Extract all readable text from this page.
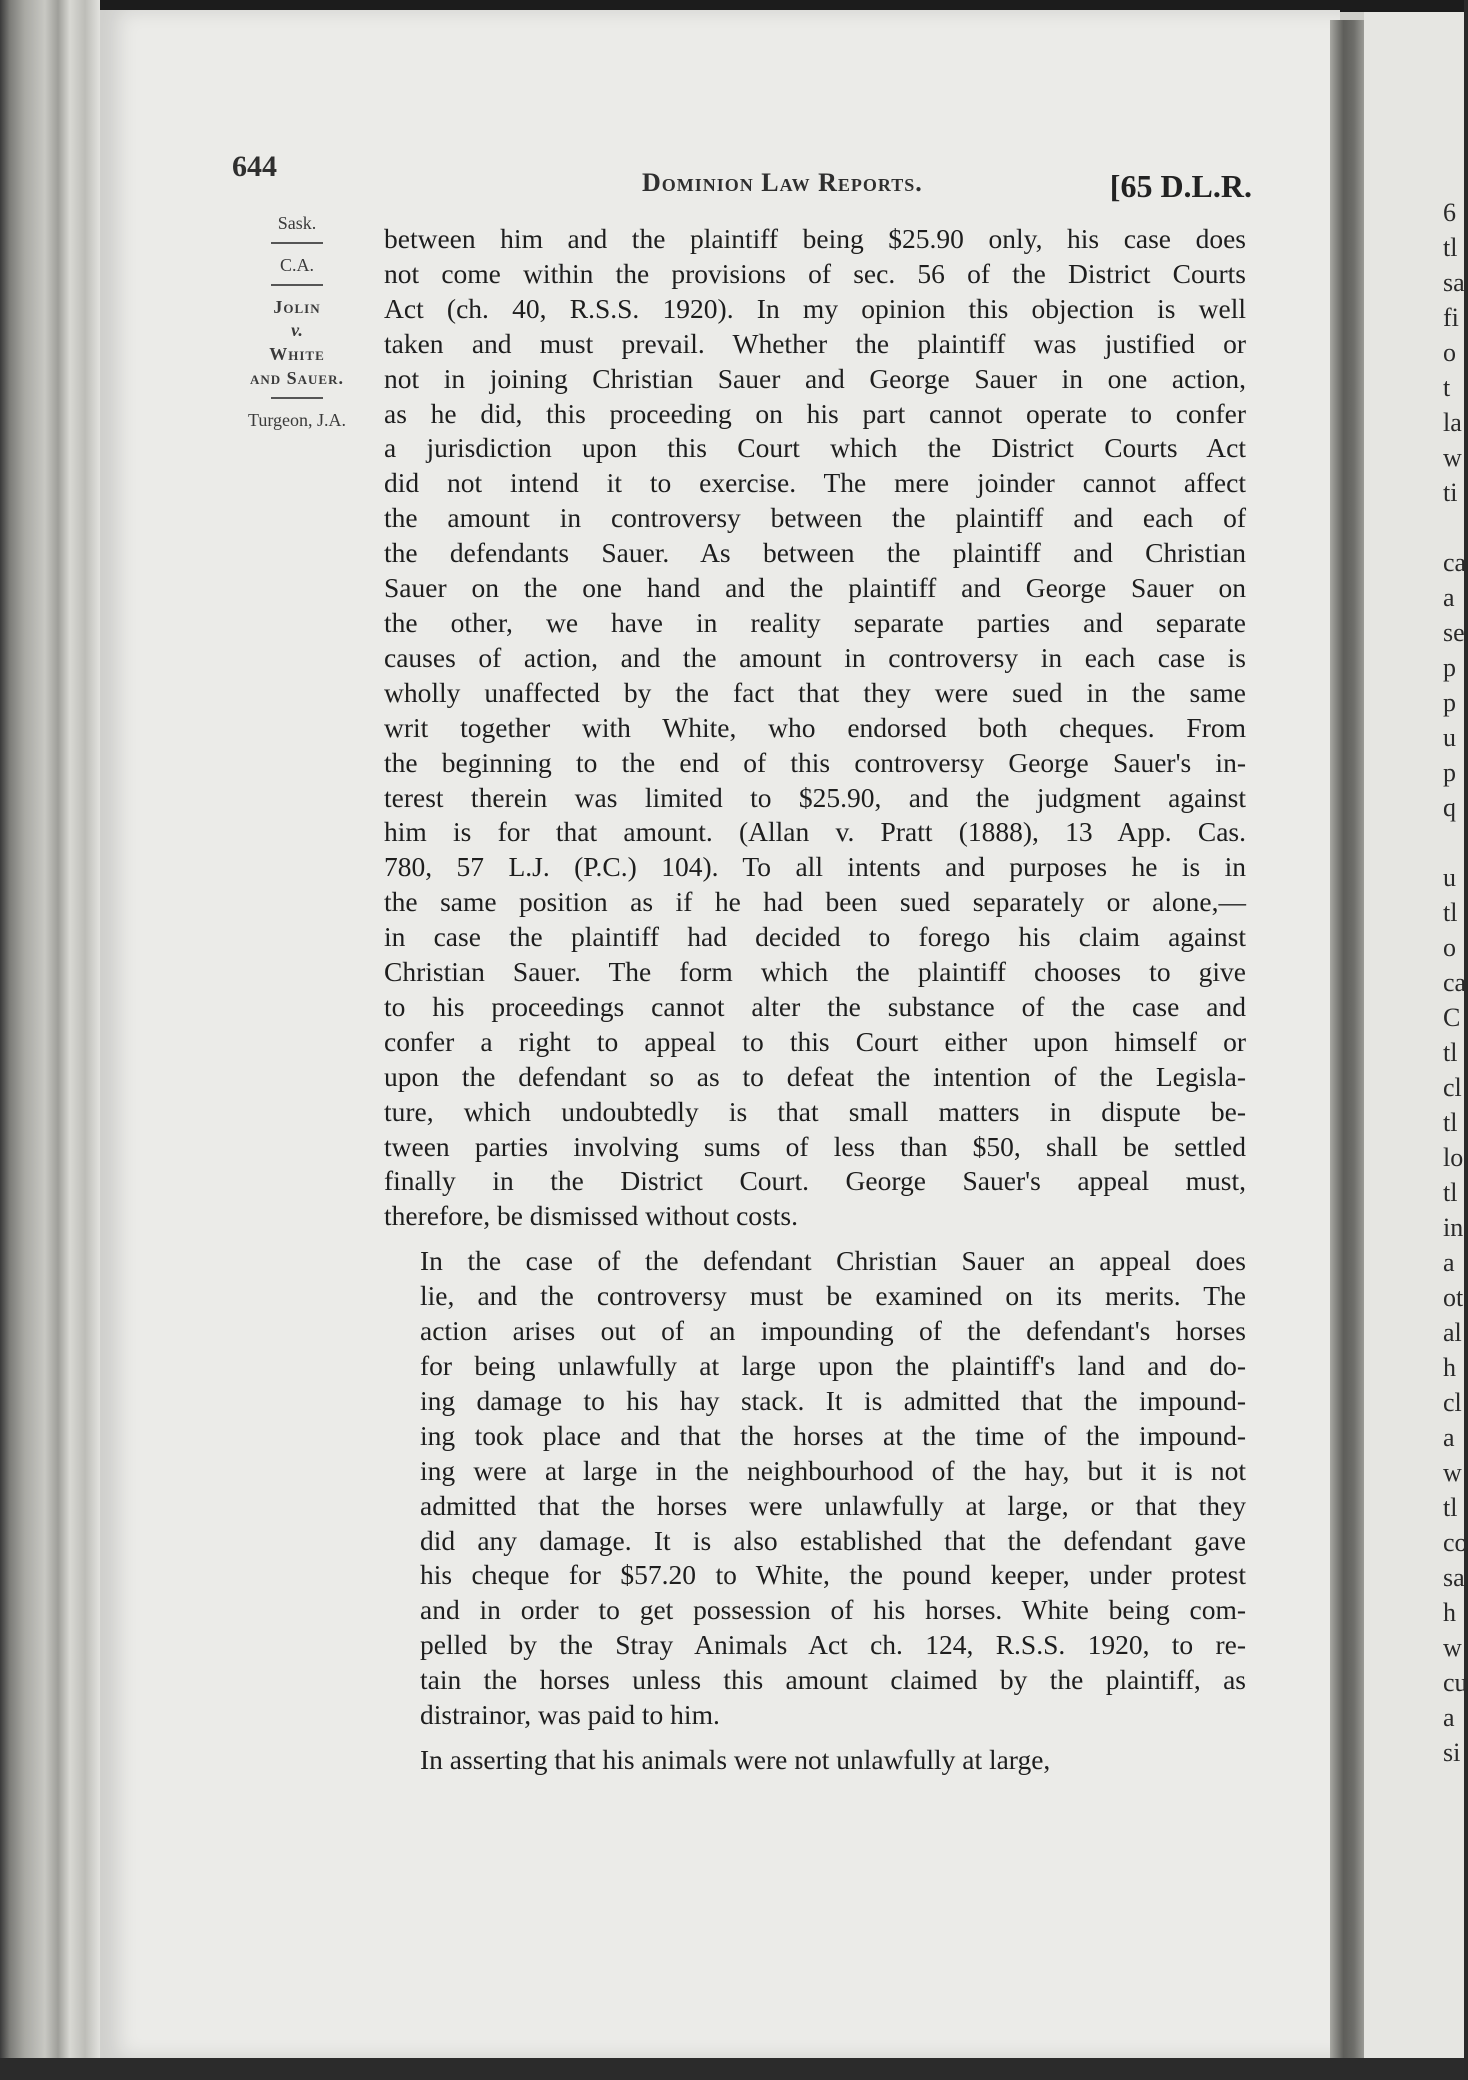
6
tl
sa
fi
o
t
la
w
ti

ca
a
se
p
p
u
p
q

u
tl
o
ca
C
tl
cl
tl
lo
tl
in
a
ot
al
h
cl
a
w
tl
co
sa
h
w
cu
a
si
644	Dominion Law Reports.	[65 D.L.R.
Sask.
C.A.
Jolin
v.
White
and Sauer.
Turgeon, J.A.
between him and the plaintiff being $25.90 only, his case does
not come within the provisions of sec. 56 of the District Courts
Act (ch. 40, R.S.S. 1920). In my opinion this objection is well
taken and must prevail. Whether the plaintiff was justified or
not in joining Christian Sauer and George Sauer in one action,
as he did, this proceeding on his part cannot operate to confer
a jurisdiction upon this Court which the District Courts Act
did not intend it to exercise. The mere joinder cannot affect
the amount in controversy between the plaintiff and each of
the defendants Sauer. As between the plaintiff and Christian
Sauer on the one hand and the plaintiff and George Sauer on
the other, we have in reality separate parties and separate
causes of action, and the amount in controversy in each case is
wholly unaffected by the fact that they were sued in the same
writ together with White, who endorsed both cheques. From
the beginning to the end of this controversy George Sauer's in-
terest therein was limited to $25.90, and the judgment against
him is for that amount. (Allan v. Pratt (1888), 13 App. Cas.
780, 57 L.J. (P.C.) 104). To all intents and purposes he is in
the same position as if he had been sued separately or alone,—
in case the plaintiff had decided to forego his claim against
Christian Sauer. The form which the plaintiff chooses to give
to his proceedings cannot alter the substance of the case and
confer a right to appeal to this Court either upon himself or
upon the defendant so as to defeat the intention of the Legisla-
ture, which undoubtedly is that small matters in dispute be-
tween parties involving sums of less than $50, shall be settled
finally in the District Court. George Sauer's appeal must,
therefore, be dismissed without costs.
In the case of the defendant Christian Sauer an appeal does
lie, and the controversy must be examined on its merits. The
action arises out of an impounding of the defendant's horses
for being unlawfully at large upon the plaintiff's land and do-
ing damage to his hay stack. It is admitted that the impound-
ing took place and that the horses at the time of the impound-
ing were at large in the neighbourhood of the hay, but it is not
admitted that the horses were unlawfully at large, or that they
did any damage. It is also established that the defendant gave
his cheque for $57.20 to White, the pound keeper, under protest
and in order to get possession of his horses. White being com-
pelled by the Stray Animals Act ch. 124, R.S.S. 1920, to re-
tain the horses unless this amount claimed by the plaintiff, as
distrainor, was paid to him.
In asserting that his animals were not unlawfully at large,
